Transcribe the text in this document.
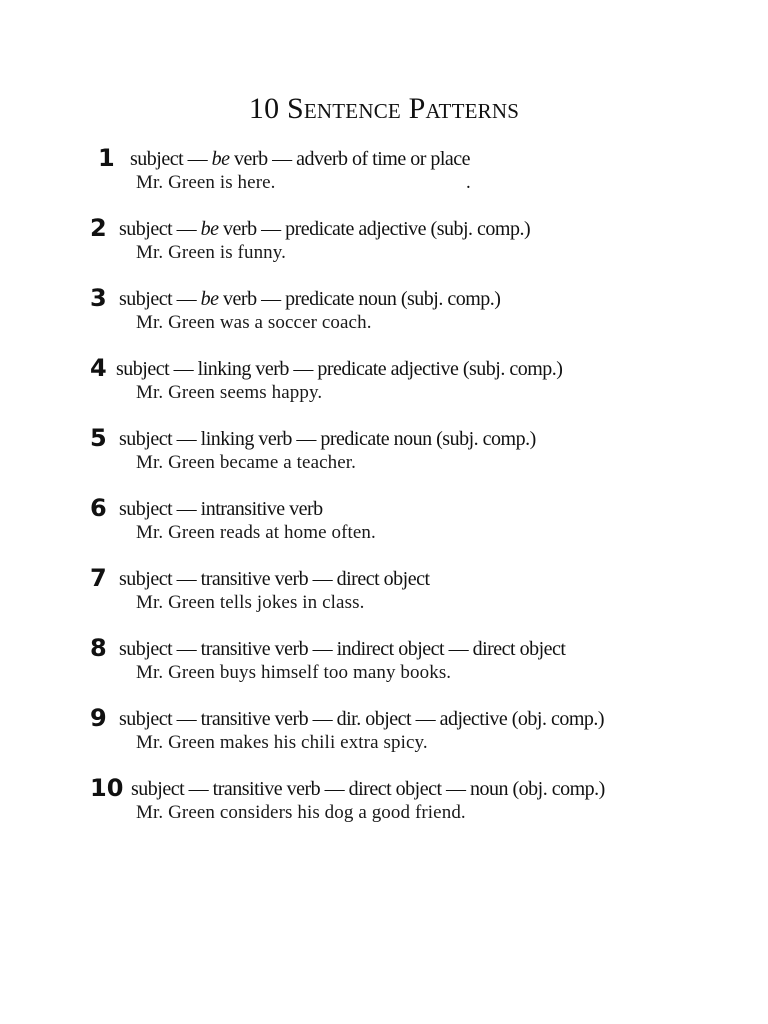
10 Sentence Patterns
1 subject — be verb — adverb of time or place
Mr. Green is here.	.
2 subject — be verb — predicate adjective (subj. comp.)
Mr. Green is funny.
3 subject — be verb — predicate noun (subj. comp.)
Mr. Green was a soccer coach.
4 subject — linking verb — predicate adjective (subj. comp.)
Mr. Green seems happy.
5 subject — linking verb — predicate noun (subj. comp.)
Mr. Green became a teacher.
6 subject — intransitive verb
Mr. Green reads at home often.
7 subject — transitive verb — direct object
Mr. Green tells jokes in class.
8 subject — transitive verb — indirect object — direct object
Mr. Green buys himself too many books.
9 subject — transitive verb — dir. object — adjective (obj. comp.)
Mr. Green makes his chili extra spicy.
10 subject — transitive verb — direct object — noun (obj. comp.)
Mr. Green considers his dog a good friend.
